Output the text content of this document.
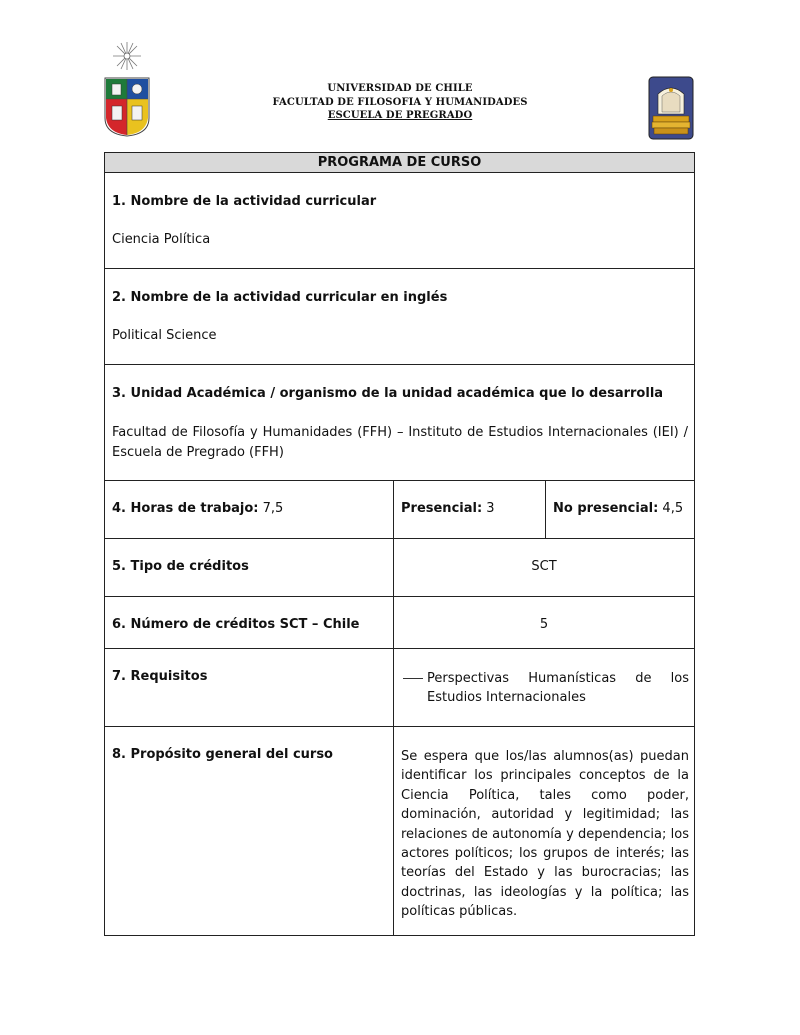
UNIVERSIDAD DE CHILE
FACULTAD DE FILOSOFIA Y HUMANIDADES
ESCUELA DE PREGRADO
PROGRAMA DE CURSO
1. Nombre de la actividad curricular
Ciencia Política
2. Nombre de la actividad curricular en inglés
Political Science
3. Unidad Académica / organismo de la unidad académica que lo desarrolla
Facultad de Filosofía y Humanidades (FFH) – Instituto de Estudios Internacionales (IEI) / Escuela de Pregrado (FFH)
4. Horas de trabajo: 7,5	Presencial: 3	No presencial: 4,5
5. Tipo de créditos	SCT
6. Número de créditos SCT – Chile	5
7. Requisitos	Perspectivas Humanísticas de los Estudios Internacionales
8. Propósito general del curso	Se espera que los/las alumnos(as) puedan identificar los principales conceptos de la Ciencia Política, tales como poder, dominación, autoridad y legitimidad; las relaciones de autonomía y dependencia; los actores políticos; los grupos de interés; las teorías del Estado y las burocracias; las doctrinas, las ideologías y la política; las políticas públicas.
